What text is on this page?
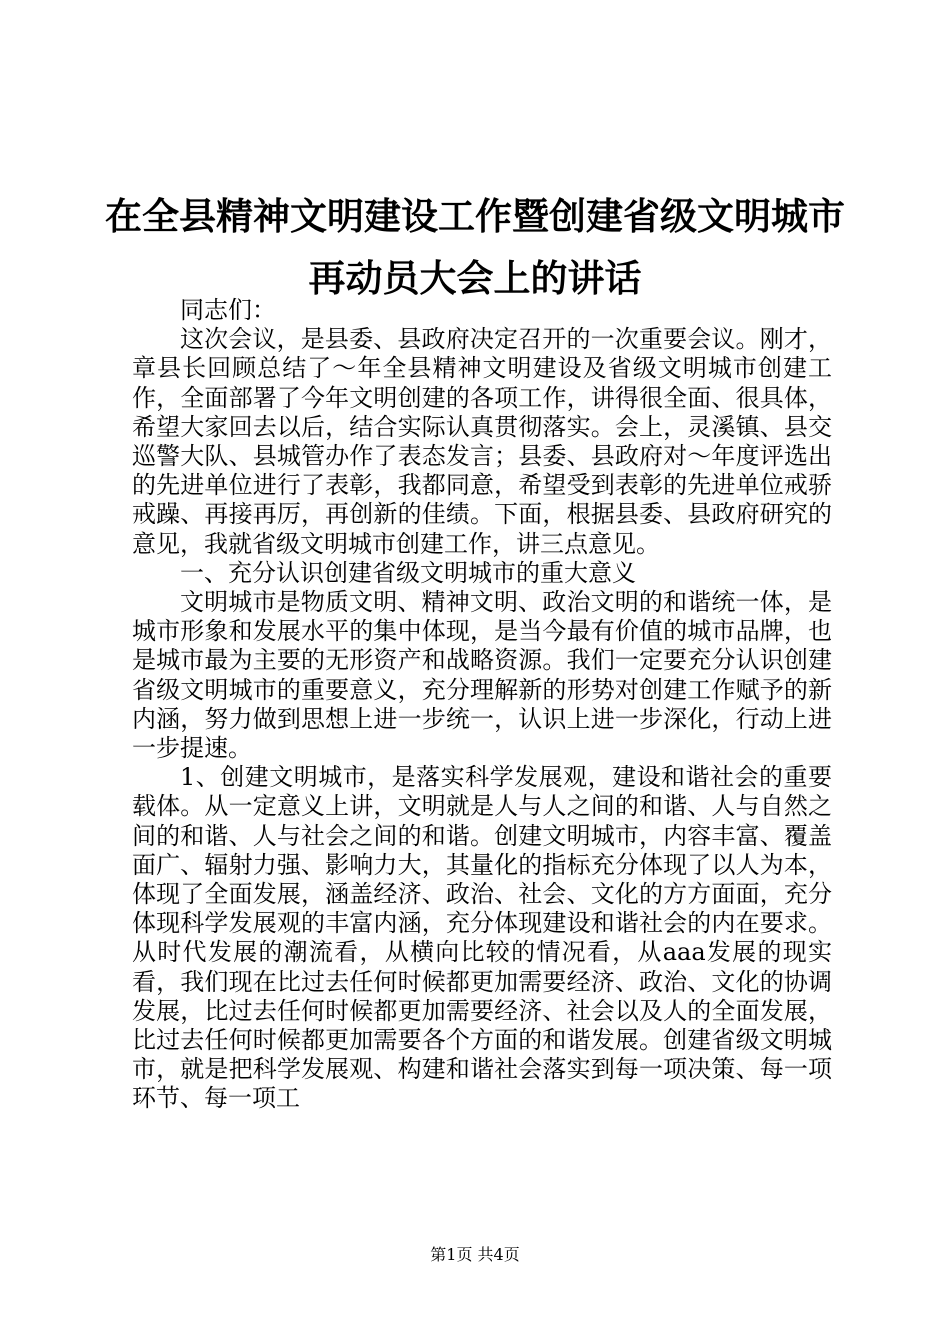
在全县精神文明建设工作暨创建省级文明城市
再动员大会上的讲话

同志们：

这次会议，是县委、县政府决定召开的一次重要会议。刚才，章县长回顾总结了～年全县精神文明建设及省级文明城市创建工作，全面部署了今年文明创建的各项工作，讲得很全面、很具体，希望大家回去以后，结合实际认真贯彻落实。会上，灵溪镇、县交巡警大队、县城管办作了表态发言；县委、县政府对～年度评选出的先进单位进行了表彰，我都同意，希望受到表彰的先进单位戒骄戒躁、再接再厉，再创新的佳绩。下面，根据县委、县政府研究的意见，我就省级文明城市创建工作，讲三点意见。

一、充分认识创建省级文明城市的重大意义

文明城市是物质文明、精神文明、政治文明的和谐统一体，是城市形象和发展水平的集中体现，是当今最有价值的城市品牌，也是城市最为主要的无形资产和战略资源。我们一定要充分认识创建省级文明城市的重要意义，充分理解新的形势对创建工作赋予的新内涵，努力做到思想上进一步统一，认识上进一步深化，行动上进一步提速。

1、创建文明城市，是落实科学发展观，建设和谐社会的重要载体。从一定意义上讲，文明就是人与人之间的和谐、人与自然之间的和谐、人与社会之间的和谐。创建文明城市，内容丰富、覆盖面广、辐射力强、影响力大，其量化的指标充分体现了以人为本，体现了全面发展，涵盖经济、政治、社会、文化的方方面面，充分体现科学发展观的丰富内涵，充分体现建设和谐社会的内在要求。从时代发展的潮流看，从横向比较的情况看，从aaa发展的现实看，我们现在比过去任何时候都更加需要经济、政治、文化的协调发展，比过去任何时候都更加需要经济、社会以及人的全面发展，比过去任何时候都更加需要各个方面的和谐发展。创建省级文明城市，就是把科学发展观、构建和谐社会落实到每一项决策、每一项环节、每一项工

第1页 共4页
